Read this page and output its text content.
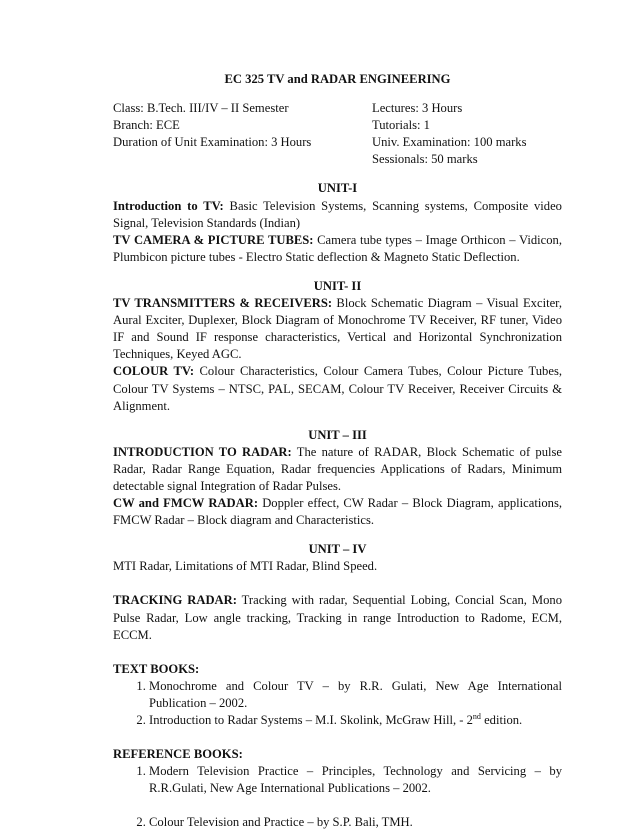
EC 325 TV and RADAR ENGINEERING
Class: B.Tech. III/IV – II Semester
Branch: ECE
Duration of Unit Examination: 3 Hours
Lectures: 3 Hours
Tutorials: 1
Univ. Examination: 100 marks
Sessionals: 50 marks
UNIT-I
Introduction to TV: Basic Television Systems, Scanning systems, Composite video Signal, Television Standards (Indian)
TV CAMERA & PICTURE TUBES: Camera tube types – Image Orthicon – Vidicon, Plumbicon picture tubes - Electro Static deflection & Magneto Static Deflection.
UNIT- II
TV TRANSMITTERS & RECEIVERS: Block Schematic Diagram – Visual Exciter, Aural Exciter, Duplexer, Block Diagram of Monochrome TV Receiver, RF tuner, Video IF and Sound IF response characteristics, Vertical and Horizontal Synchronization Techniques, Keyed AGC.
COLOUR TV: Colour Characteristics, Colour Camera Tubes, Colour Picture Tubes, Colour TV Systems – NTSC, PAL, SECAM, Colour TV Receiver, Receiver Circuits & Alignment.
UNIT – III
INTRODUCTION TO RADAR: The nature of RADAR, Block Schematic of pulse Radar, Radar Range Equation, Radar frequencies Applications of Radars, Minimum detectable signal Integration of Radar Pulses.
CW and FMCW RADAR: Doppler effect, CW Radar – Block Diagram, applications, FMCW Radar – Block diagram and Characteristics.
UNIT – IV
MTI Radar, Limitations of MTI Radar, Blind Speed.
TRACKING RADAR: Tracking with radar, Sequential Lobing, Concial Scan, Mono Pulse Radar, Low angle tracking, Tracking in range Introduction to Radome, ECM, ECCM.
TEXT BOOKS:
1. Monochrome and Colour TV – by R.R. Gulati, New Age International Publication – 2002.
2. Introduction to Radar Systems – M.I. Skolink, McGraw Hill, - 2nd edition.
REFERENCE BOOKS:
1. Modern Television Practice – Principles, Technology and Servicing – by R.R.Gulati, New Age International Publications – 2002.
2. Colour Television and Practice – by S.P. Bali, TMH.
